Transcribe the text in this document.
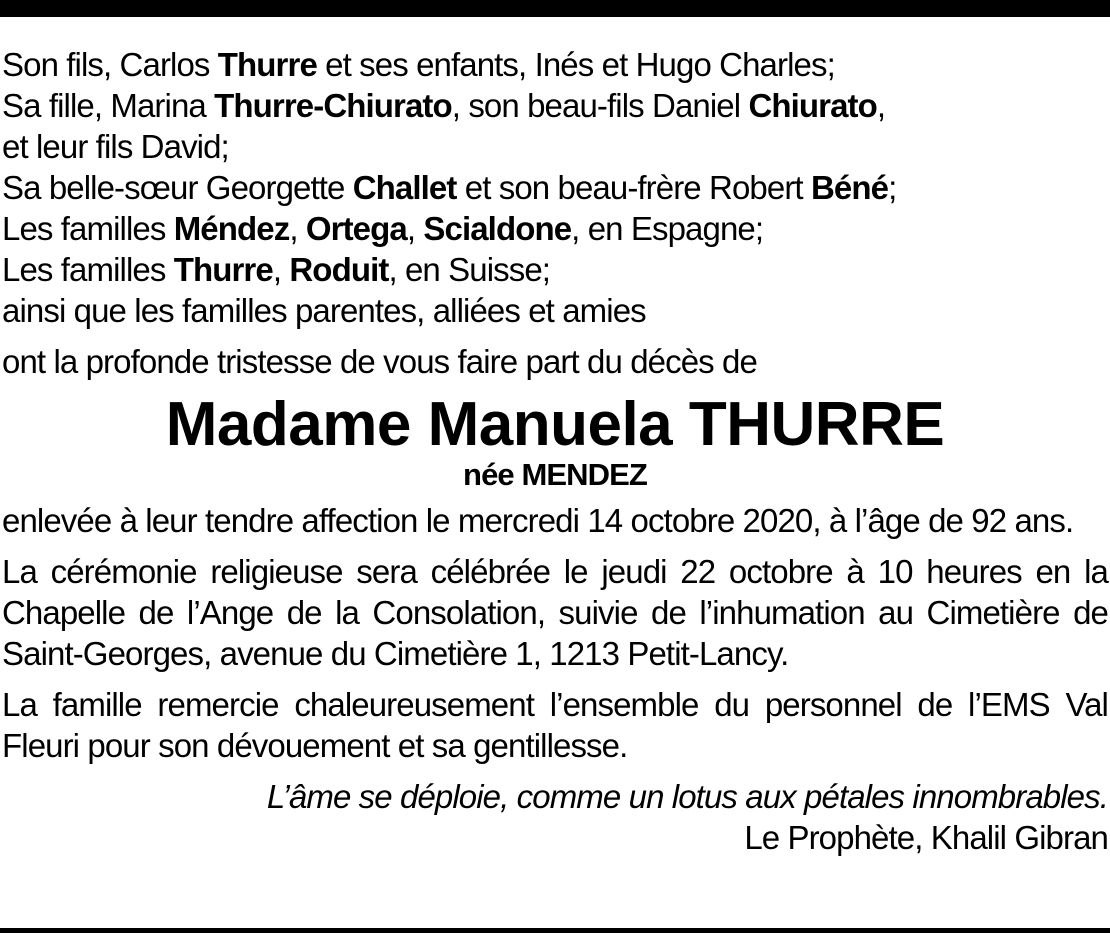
Son fils, Carlos Thurre et ses enfants, Inés et Hugo Charles;
Sa fille, Marina Thurre-Chiurato, son beau-fils Daniel Chiurato,
et leur fils David;
Sa belle-sœur Georgette Challet et son beau-frère Robert Béné;
Les familles Méndez, Ortega, Scialdone, en Espagne;
Les familles Thurre, Roduit, en Suisse;
ainsi que les familles parentes, alliées et amies
ont la profonde tristesse de vous faire part du décès de
Madame Manuela THURRE
née MENDEZ
enlevée à leur tendre affection le mercredi 14 octobre 2020, à l’âge de 92 ans.
La cérémonie religieuse sera célébrée le jeudi 22 octobre à 10 heures en la Chapelle de l’Ange de la Consolation, suivie de l’inhumation au Cimetière de Saint-Georges, avenue du Cimetière 1, 1213 Petit-Lancy.
La famille remercie chaleureusement l’ensemble du personnel de l’EMS Val Fleuri pour son dévouement et sa gentillesse.
L’âme se déploie, comme un lotus aux pétales innombrables.
Le Prophète, Khalil Gibran
